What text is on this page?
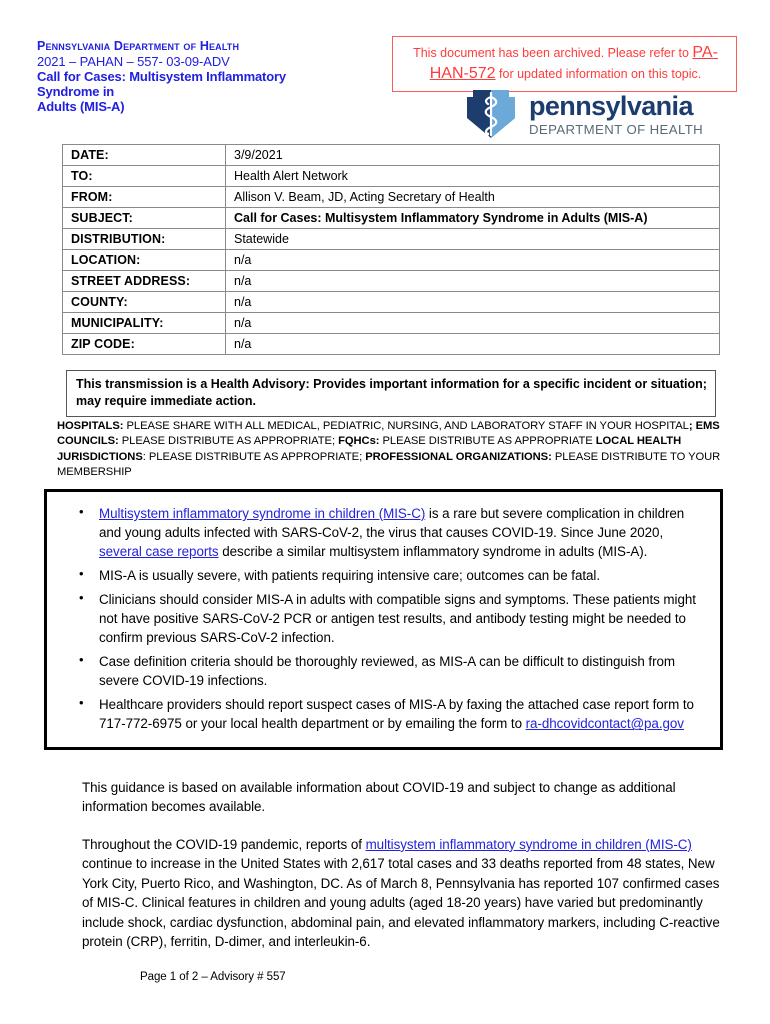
Pennsylvania Department of Health
2021 – PAHAN – 557- 03-09-ADV
Call for Cases: Multisystem Inflammatory
Syndrome in
Adults (MIS-A)
This document has been archived. Please refer to PA-HAN-572 for updated information on this topic.
pennsylvania
DEPARTMENT OF HEALTH
DATE:	3/9/2021
TO:	Health Alert Network
FROM:	Allison V. Beam, JD, Acting Secretary of Health
SUBJECT:	Call for Cases: Multisystem Inflammatory Syndrome in Adults (MIS-A)
DISTRIBUTION:	Statewide
LOCATION:	n/a
STREET ADDRESS:	n/a
COUNTY:	n/a
MUNICIPALITY:	n/a
ZIP CODE:	n/a
This transmission is a Health Advisory: Provides important information for a specific incident or situation; may require immediate action.
HOSPITALS: PLEASE SHARE WITH ALL MEDICAL, PEDIATRIC, NURSING, AND LABORATORY STAFF IN YOUR HOSPITAL; EMS COUNCILS: PLEASE DISTRIBUTE AS APPROPRIATE; FQHCs: PLEASE DISTRIBUTE AS APPROPRIATE LOCAL HEALTH JURISDICTIONS: PLEASE DISTRIBUTE AS APPROPRIATE; PROFESSIONAL ORGANIZATIONS: PLEASE DISTRIBUTE TO YOUR MEMBERSHIP
• Multisystem inflammatory syndrome in children (MIS-C) is a rare but severe complication in children and young adults infected with SARS-CoV-2, the virus that causes COVID-19. Since June 2020, several case reports describe a similar multisystem inflammatory syndrome in adults (MIS-A).
• MIS-A is usually severe, with patients requiring intensive care; outcomes can be fatal.
• Clinicians should consider MIS-A in adults with compatible signs and symptoms. These patients might not have positive SARS-CoV-2 PCR or antigen test results, and antibody testing might be needed to confirm previous SARS-CoV-2 infection.
• Case definition criteria should be thoroughly reviewed, as MIS-A can be difficult to distinguish from severe COVID-19 infections.
• Healthcare providers should report suspect cases of MIS-A by faxing the attached case report form to 717-772-6975 or your local health department or by emailing the form to ra-dhcovidcontact@pa.gov

This guidance is based on available information about COVID-19 and subject to change as additional information becomes available.

Throughout the COVID-19 pandemic, reports of multisystem inflammatory syndrome in children (MIS-C) continue to increase in the United States with 2,617 total cases and 33 deaths reported from 48 states, New York City, Puerto Rico, and Washington, DC. As of March 8, Pennsylvania has reported 107 confirmed cases of MIS-C. Clinical features in children and young adults (aged 18-20 years) have varied but predominantly include shock, cardiac dysfunction, abdominal pain, and elevated inflammatory markers, including C-reactive protein (CRP), ferritin, D-dimer, and interleukin-6.

Page 1 of 2 – Advisory # 557
